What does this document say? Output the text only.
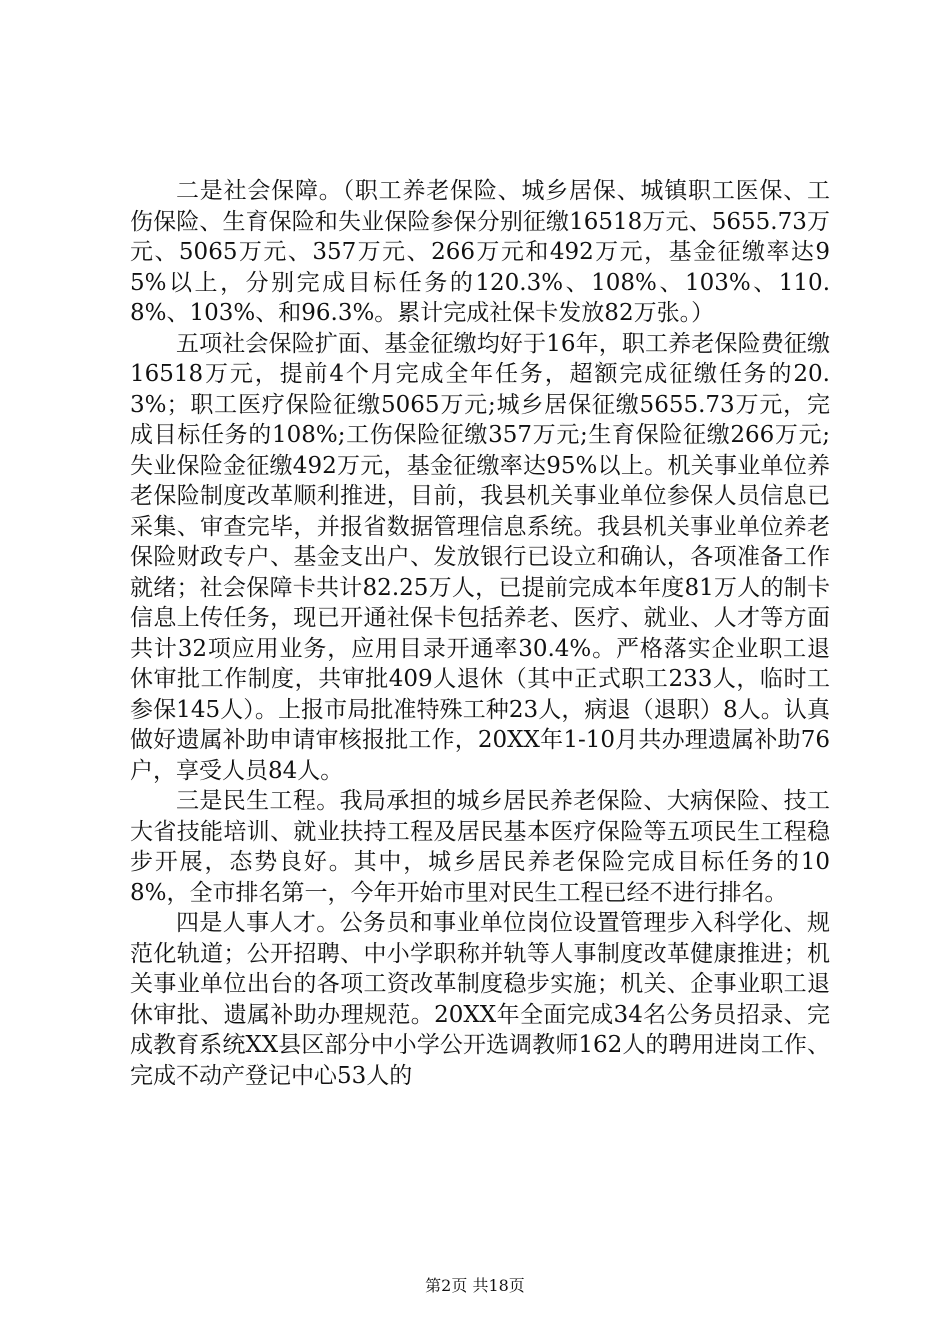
二是社会保障。（职工养老保险、城乡居保、城镇职工医保、工伤保险、生育保险和失业保险参保分别征缴16518万元、5655.73万元、5065万元、357万元、266万元和492万元，基金征缴率达95%以上，分别完成目标任务的120.3%、108%、103%、110.8%、103%、和96.3%。累计完成社保卡发放82万张。）

五项社会保险扩面、基金征缴均好于16年，职工养老保险费征缴16518万元，提前4个月完成全年任务，超额完成征缴任务的20.3%；职工医疗保险征缴5065万元;城乡居保征缴5655.73万元，完成目标任务的108%;工伤保险征缴357万元;生育保险征缴266万元;失业保险金征缴492万元，基金征缴率达95%以上。机关事业单位养老保险制度改革顺利推进，目前，我县机关事业单位参保人员信息已采集、审查完毕，并报省数据管理信息系统。我县机关事业单位养老保险财政专户、基金支出户、发放银行已设立和确认，各项准备工作就绪；社会保障卡共计82.25万人，已提前完成本年度81万人的制卡信息上传任务，现已开通社保卡包括养老、医疗、就业、人才等方面共计32项应用业务，应用目录开通率30.4%。严格落实企业职工退休审批工作制度，共审批409人退休（其中正式职工233人，临时工参保145人）。上报市局批准特殊工种23人，病退（退职）8人。认真做好遗属补助申请审核报批工作，20XX年1-10月共办理遗属补助76户，享受人员84人。

三是民生工程。我局承担的城乡居民养老保险、大病保险、技工大省技能培训、就业扶持工程及居民基本医疗保险等五项民生工程稳步开展，态势良好。其中，城乡居民养老保险完成目标任务的108%，全市排名第一，今年开始市里对民生工程已经不进行排名。

四是人事人才。公务员和事业单位岗位设置管理步入科学化、规范化轨道；公开招聘、中小学职称并轨等人事制度改革健康推进；机关事业单位出台的各项工资改革制度稳步实施；机关、企事业职工退休审批、遗属补助办理规范。20XX年全面完成34名公务员招录、完成教育系统XX县区部分中小学公开选调教师162人的聘用进岗工作、完成不动产登记中心53人的

第2页 共18页
